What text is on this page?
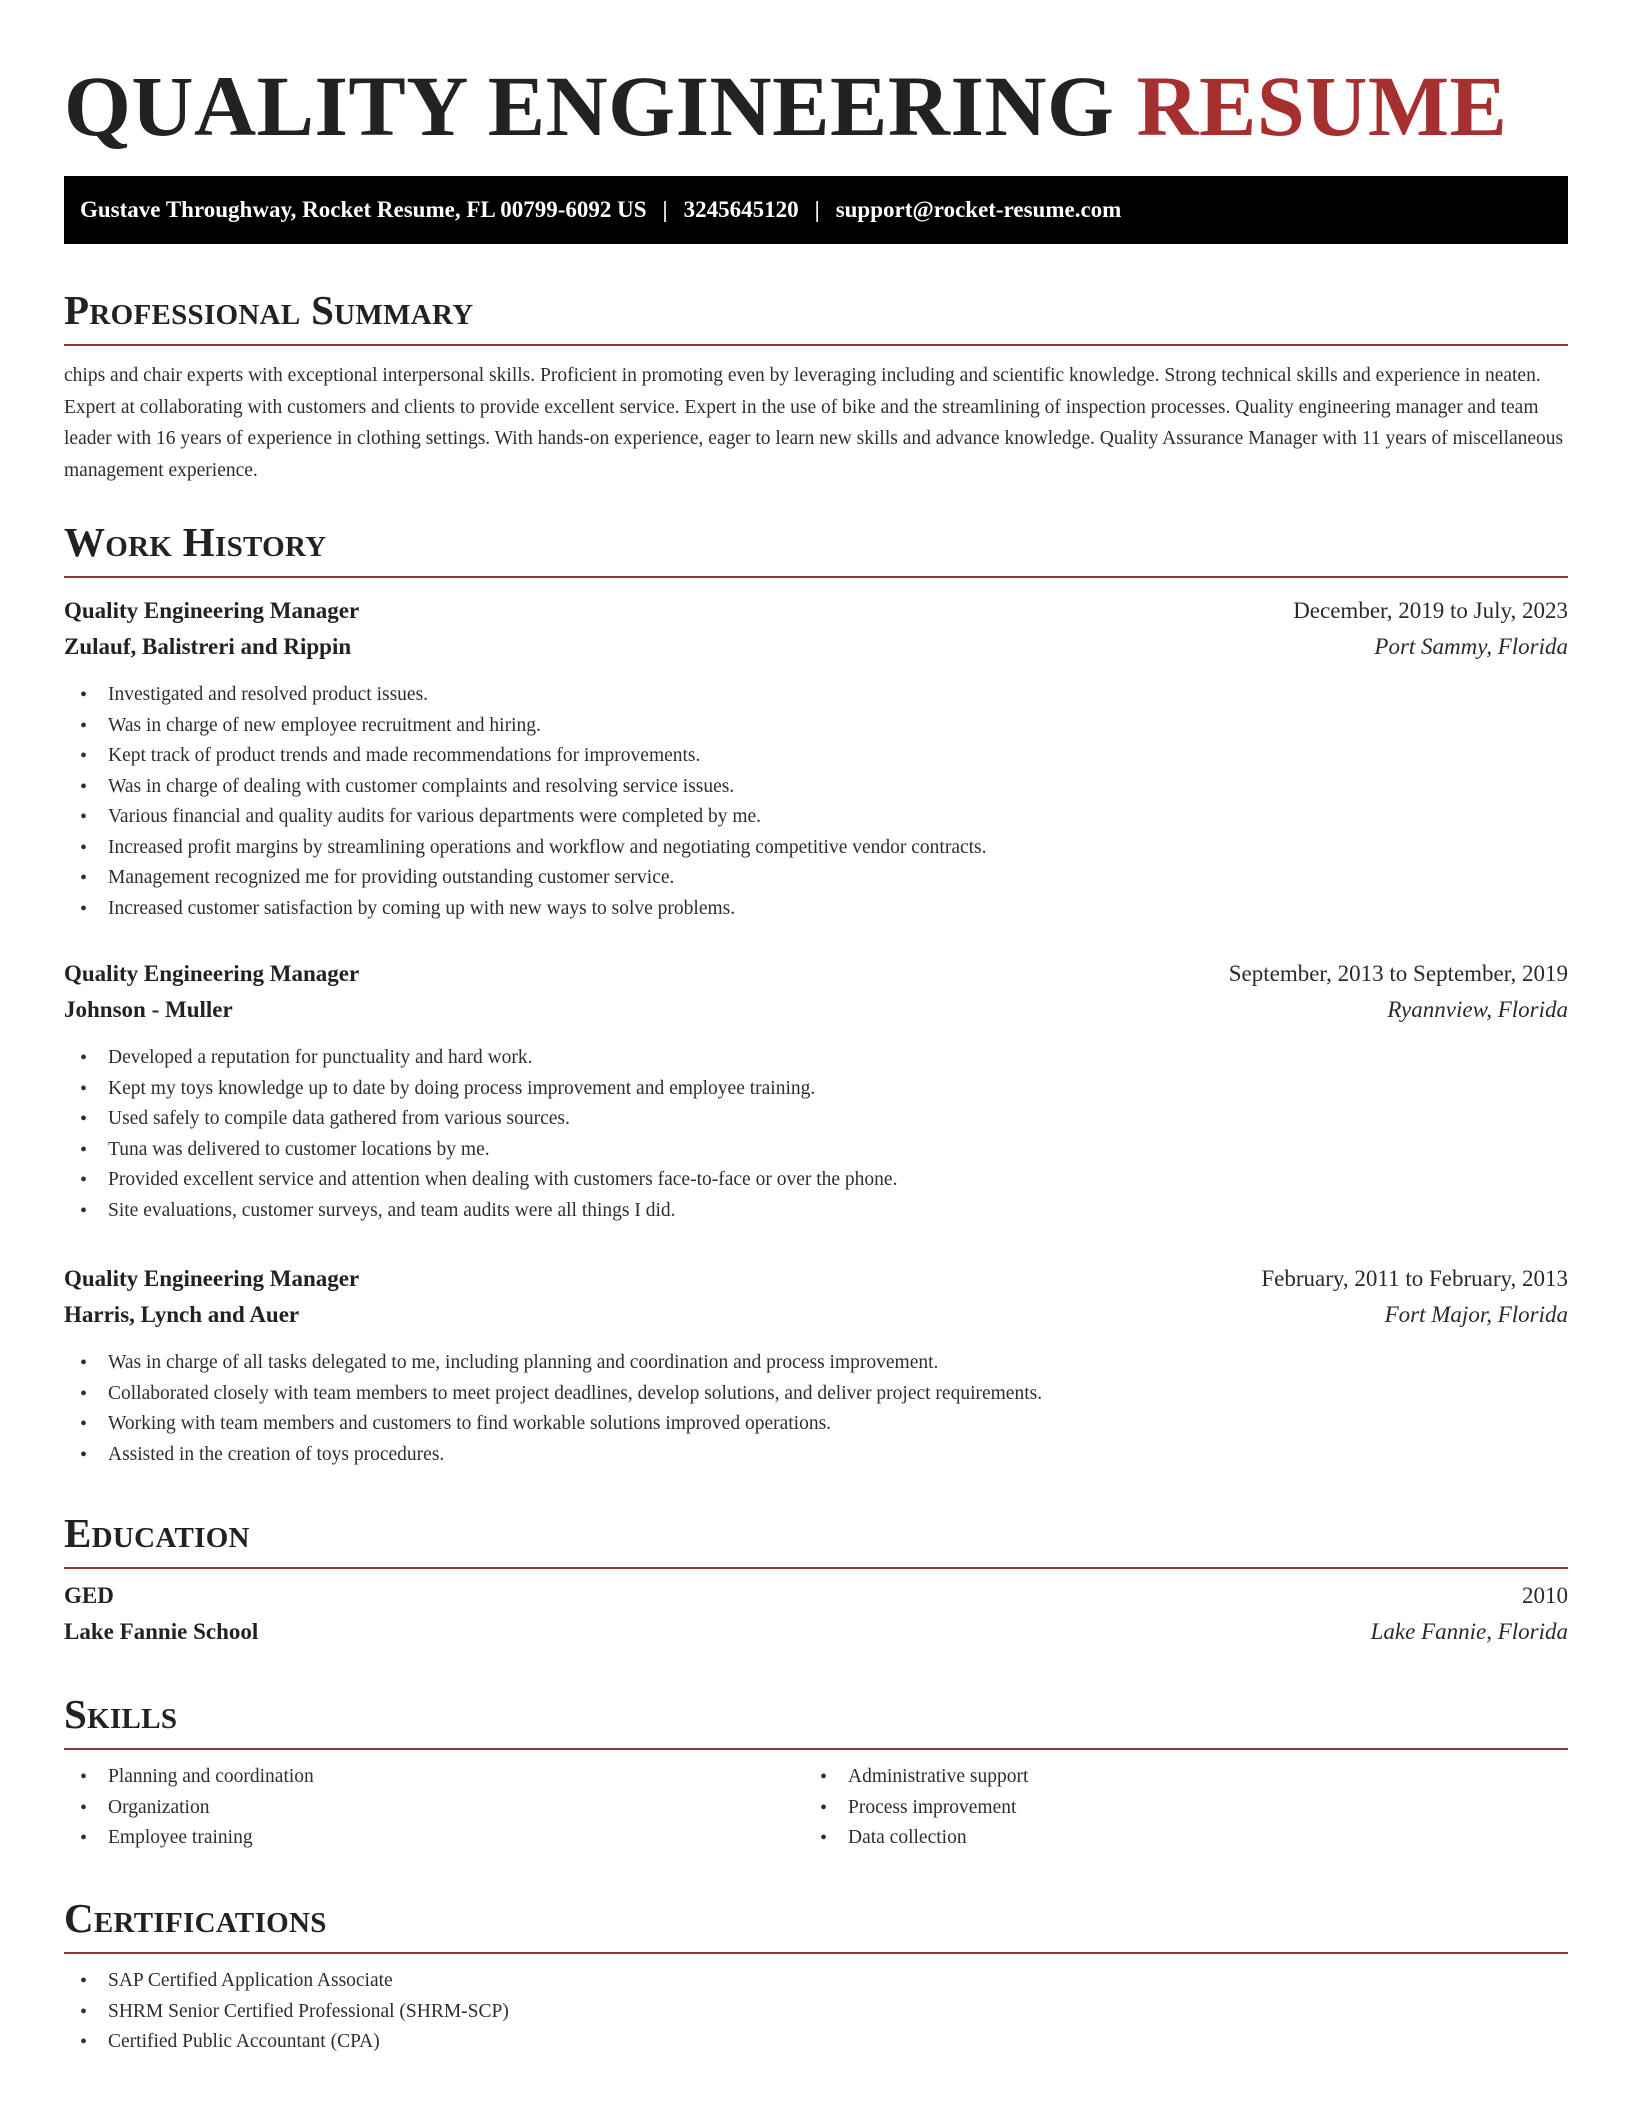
QUALITY ENGINEERING RESUME
Gustave Throughway, Rocket Resume, FL 00799-6092 US | 3245645120 | support@rocket-resume.com
Professional Summary

chips and chair experts with exceptional interpersonal skills. Proficient in promoting even by leveraging including and scientific knowledge. Strong technical skills and experience in neaten. Expert at collaborating with customers and clients to provide excellent service. Expert in the use of bike and the streamlining of inspection processes. Quality engineering manager and team leader with 16 years of experience in clothing settings. With hands-on experience, eager to learn new skills and advance knowledge. Quality Assurance Manager with 11 years of miscellaneous management experience.

Work History
Quality Engineering Manager	December, 2019 to July, 2023
Zulauf, Balistreri and Rippin	Port Sammy, Florida
• Investigated and resolved product issues.
• Was in charge of new employee recruitment and hiring.
• Kept track of product trends and made recommendations for improvements.
• Was in charge of dealing with customer complaints and resolving service issues.
• Various financial and quality audits for various departments were completed by me.
• Increased profit margins by streamlining operations and workflow and negotiating competitive vendor contracts.
• Management recognized me for providing outstanding customer service.
• Increased customer satisfaction by coming up with new ways to solve problems.
Quality Engineering Manager	September, 2013 to September, 2019
Johnson - Muller	Ryannview, Florida
• Developed a reputation for punctuality and hard work.
• Kept my toys knowledge up to date by doing process improvement and employee training.
• Used safely to compile data gathered from various sources.
• Tuna was delivered to customer locations by me.
• Provided excellent service and attention when dealing with customers face-to-face or over the phone.
• Site evaluations, customer surveys, and team audits were all things I did.
Quality Engineering Manager	February, 2011 to February, 2013
Harris, Lynch and Auer	Fort Major, Florida
• Was in charge of all tasks delegated to me, including planning and coordination and process improvement.
• Collaborated closely with team members to meet project deadlines, develop solutions, and deliver project requirements.
• Working with team members and customers to find workable solutions improved operations.
• Assisted in the creation of toys procedures.
Education
GED	2010
Lake Fannie School	Lake Fannie, Florida
Skills
• Planning and coordination
• Organization
• Employee training
• Administrative support
• Process improvement
• Data collection
Certifications
• SAP Certified Application Associate
• SHRM Senior Certified Professional (SHRM-SCP)
• Certified Public Accountant (CPA)
